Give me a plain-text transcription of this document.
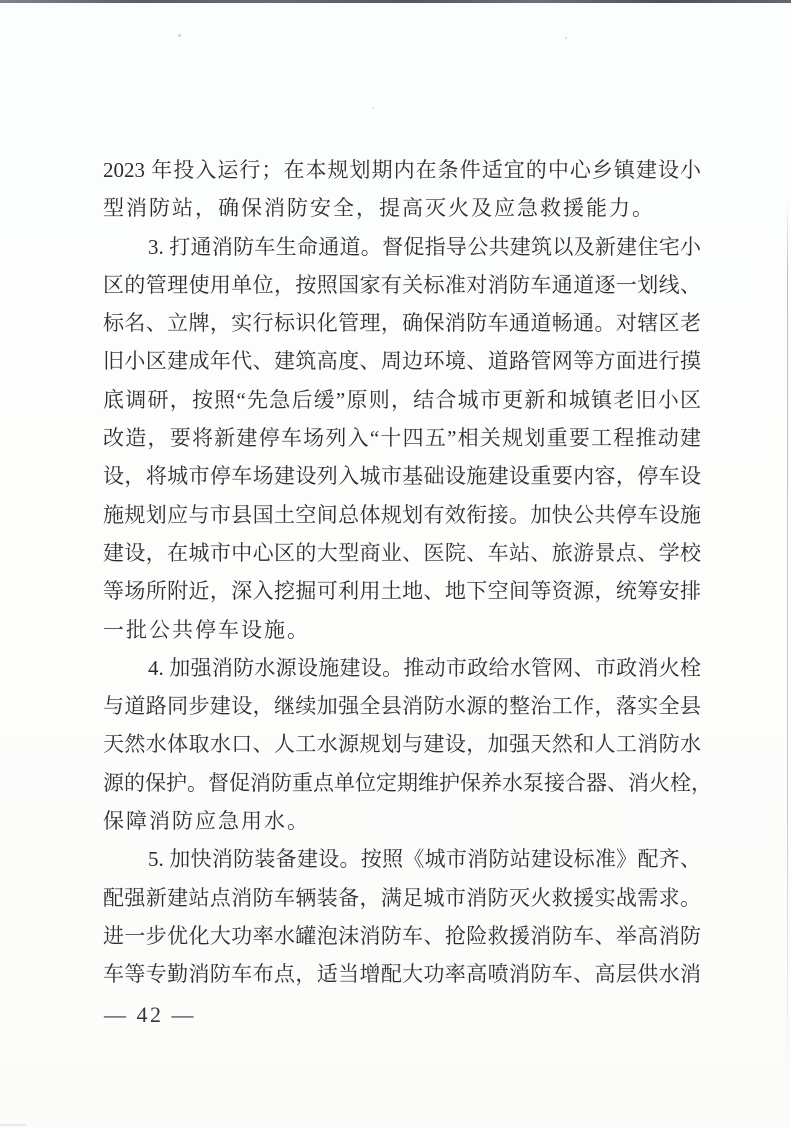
2023 年投入运行；在本规划期内在条件适宜的中心乡镇建设小

型消防站，确保消防安全，提高灭火及应急救援能力。

3. 打通消防车生命通道。督促指导公共建筑以及新建住宅小

区的管理使用单位，按照国家有关标准对消防车通道逐一划线、

标名、立牌，实行标识化管理，确保消防车通道畅通。对辖区老

旧小区建成年代、建筑高度、周边环境、道路管网等方面进行摸

底调研，按照“先急后缓”原则，结合城市更新和城镇老旧小区

改造，要将新建停车场列入“十四五”相关规划重要工程推动建

设，将城市停车场建设列入城市基础设施建设重要内容，停车设

施规划应与市县国土空间总体规划有效衔接。加快公共停车设施

建设，在城市中心区的大型商业、医院、车站、旅游景点、学校

等场所附近，深入挖掘可利用土地、地下空间等资源，统筹安排

一批公共停车设施。

4. 加强消防水源设施建设。推动市政给水管网、市政消火栓

与道路同步建设，继续加强全县消防水源的整治工作，落实全县

天然水体取水口、人工水源规划与建设，加强天然和人工消防水

源的保护。督促消防重点单位定期维护保养水泵接合器、消火栓，

保障消防应急用水。

5. 加快消防装备建设。按照《城市消防站建设标准》配齐、

配强新建站点消防车辆装备，满足城市消防灭火救援实战需求。

进一步优化大功率水罐泡沫消防车、抢险救援消防车、举高消防

车等专勤消防车布点，适当增配大功率高喷消防车、高层供水消

— 42 —
